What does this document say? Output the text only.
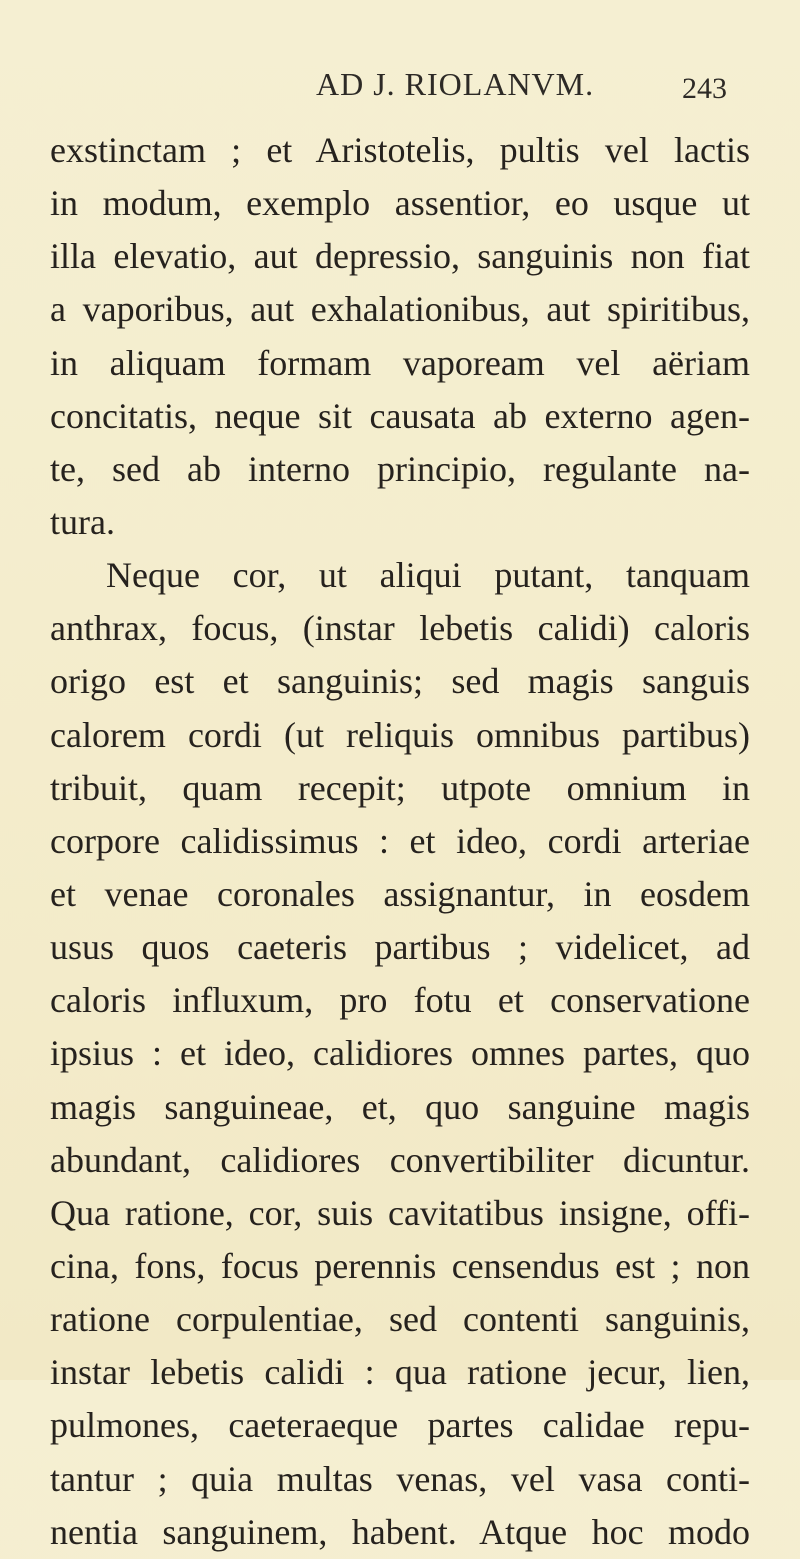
AD J. RIOLANVM.	243
exstinctam ; et Aristotelis, pultis vel lactis
in modum, exemplo assentior, eo usque ut
illa elevatio, aut depressio, sanguinis non fiat
a vaporibus, aut exhalationibus, aut spiritibus,
in aliquam formam vapoream vel aëriam
concitatis, neque sit causata ab externo agen-
te, sed ab interno principio, regulante na-
tura.
Neque cor, ut aliqui putant, tanquam
anthrax, focus, (instar lebetis calidi) caloris
origo est et sanguinis; sed magis sanguis
calorem cordi (ut reliquis omnibus partibus)
tribuit, quam recepit; utpote omnium in
corpore calidissimus : et ideo, cordi arteriae
et venae coronales assignantur, in eosdem
usus quos caeteris partibus ; videlicet, ad
caloris influxum, pro fotu et conservatione
ipsius : et ideo, calidiores omnes partes, quo
magis sanguineae, et, quo sanguine magis
abundant, calidiores convertibiliter dicuntur.
Qua ratione, cor, suis cavitatibus insigne, offi-
cina, fons, focus perennis censendus est ; non
ratione corpulentiae, sed contenti sanguinis,
instar lebetis calidi : qua ratione jecur, lien,
pulmones, caeteraeque partes calidae repu-
tantur ; quia multas venas, vel vasa conti-
nentia sanguinem, habent. Atque hoc modo
